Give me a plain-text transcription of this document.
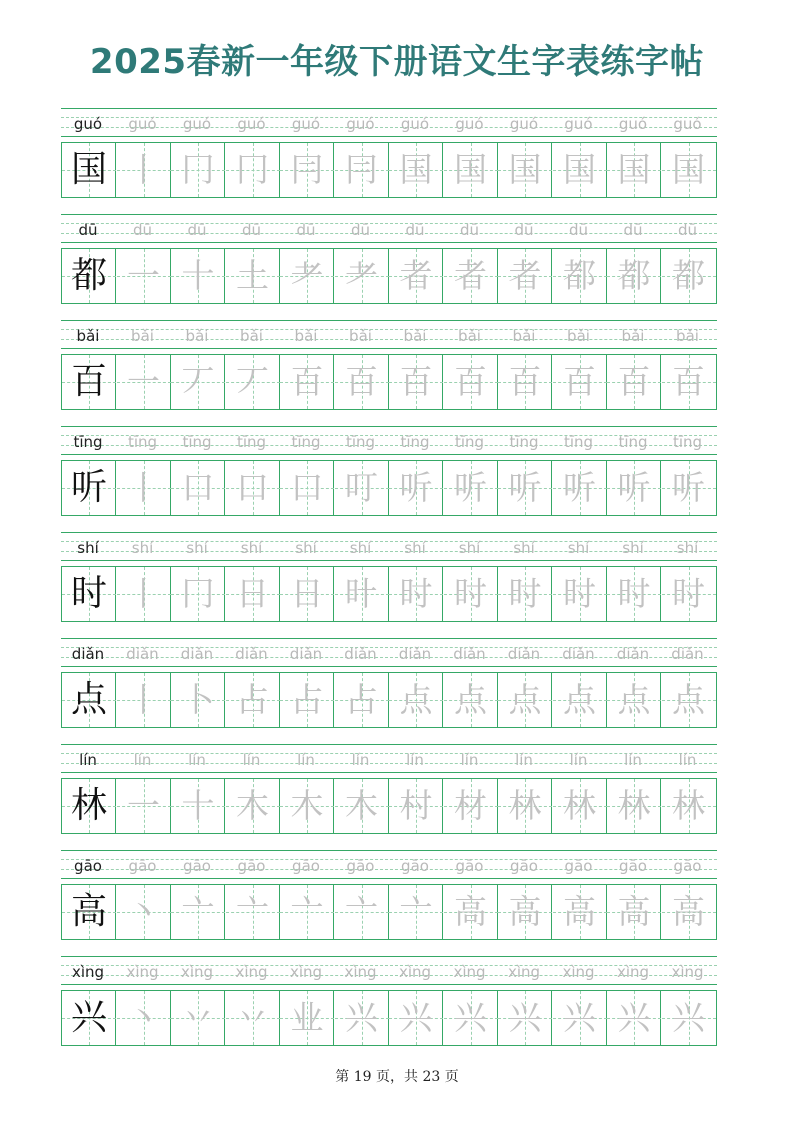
2025春新一年级下册语文生字表练字帖
guó	guó	guó	guó	guó	guó	guó	guó	guó	guó	guó	guó
国 丨 冂 冂 冃 冃 国 国 国 国 国 国
dū	dū	dū	dū	dū	dū	dū	dū	dū	dū	dū	dū
都 一 十 土 耂 耂 者 者 者 都 都 都
bǎi	bǎi	bǎi	bǎi	bǎi	bǎi	bǎi	bǎi	bǎi	bǎi	bǎi	bǎi
百 一 丆 丆 百 百 百 百 百 百 百 百
tīng	tīng	tīng	tīng	tīng	tīng	tīng	tīng	tīng	tīng	tīng	tīng
听 丨 口 口 口 叮 听 听 听 听 听 听
shí	shí	shí	shí	shí	shí	shí	shí	shí	shí	shí	shí
时 丨 冂 日 日 旪 时 时 时 时 时 时
diǎn	diǎn	diǎn	diǎn	diǎn	diǎn	diǎn	diǎn	diǎn	diǎn	diǎn	diǎn
点 丨 卜 占 占 占 点 点 点 点 点 点
lín	lín	lín	lín	lín	lín	lín	lín	lín	lín	lín	lín
林 一 十 木 木 木 村 材 林 林 林 林
gāo	gāo	gāo	gāo	gāo	gāo	gāo	gāo	gāo	gāo	gāo	gāo
高 丶 亠 亠 亠 亠 亠 高 高 高 高 高
xìng	xìng	xìng	xìng	xìng	xìng	xìng	xìng	xìng	xìng	xìng	xìng
兴 丶 丷 丷 业 兴 兴 兴 兴 兴 兴 兴
第 19 页，共 23 页
